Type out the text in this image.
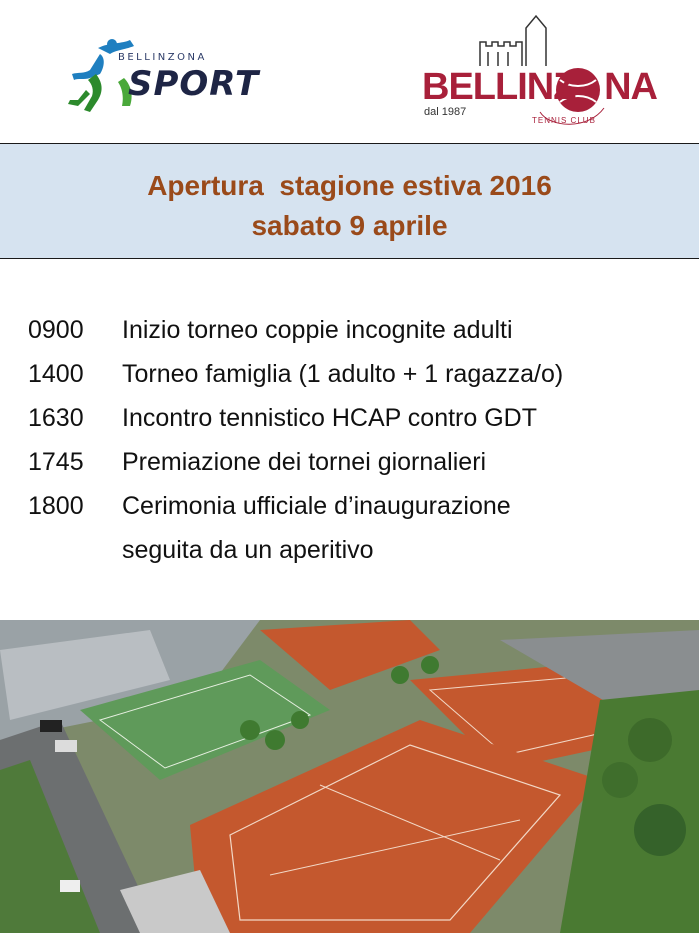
BELLINZONA
SPORT	BELLINZ   NA
dal 1987
TENNIS CLUB
Apertura  stagione estiva 2016
sabato 9 aprile
0900 Inizio torneo coppie incognite adulti
1400 Torneo famiglia (1 adulto + 1 ragazza/o)
1630 Incontro tennistico HCAP contro GDT
1745 Premiazione dei tornei giornalieri
1800 Cerimonia ufficiale d’inaugurazione
seguita da un aperitivo
